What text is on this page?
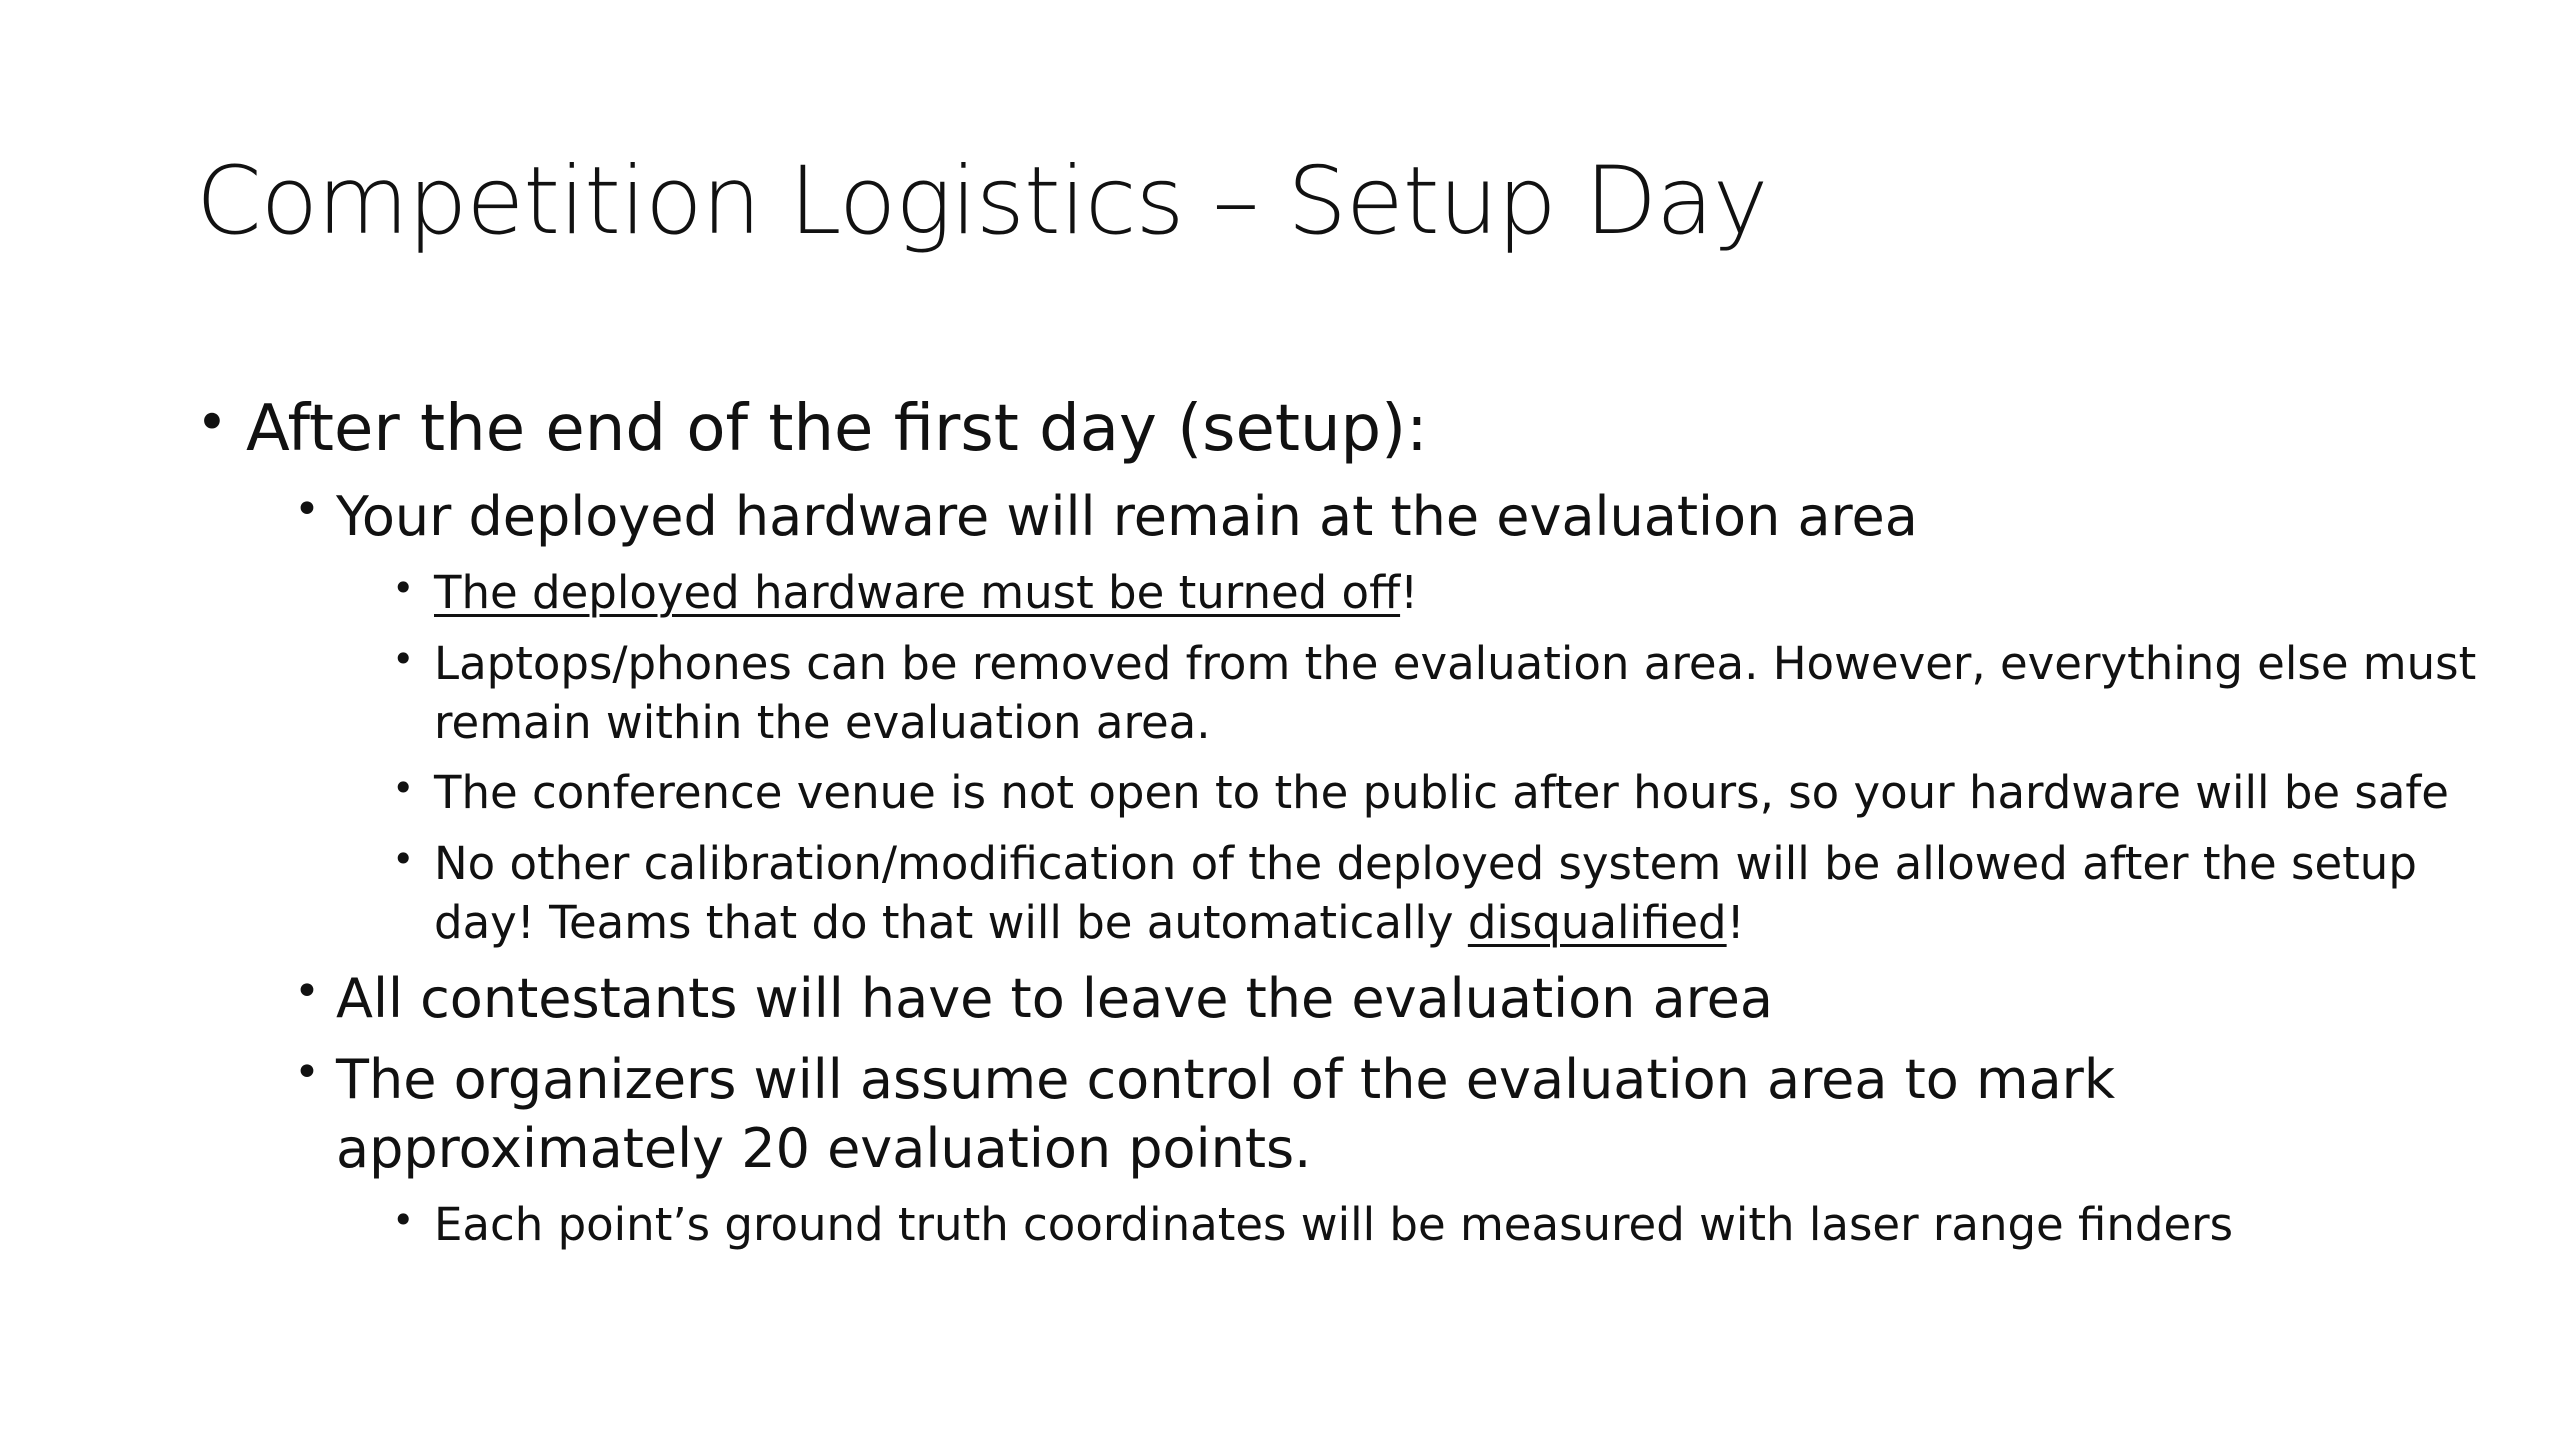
Competition Logistics – Setup Day
• After the end of the first day (setup):
• Your deployed hardware will remain at the evaluation area
• The deployed hardware must be turned off!
• Laptops/phones can be removed from the evaluation area. However, everything else must remain within the evaluation area.
• The conference venue is not open to the public after hours, so your hardware will be safe
• No other calibration/modification of the deployed system will be allowed after the setup day! Teams that do that will be automatically disqualified!
• All contestants will have to leave the evaluation area
• The organizers will assume control of the evaluation area to mark approximately 20 evaluation points.
• Each point’s ground truth coordinates will be measured with laser range finders
